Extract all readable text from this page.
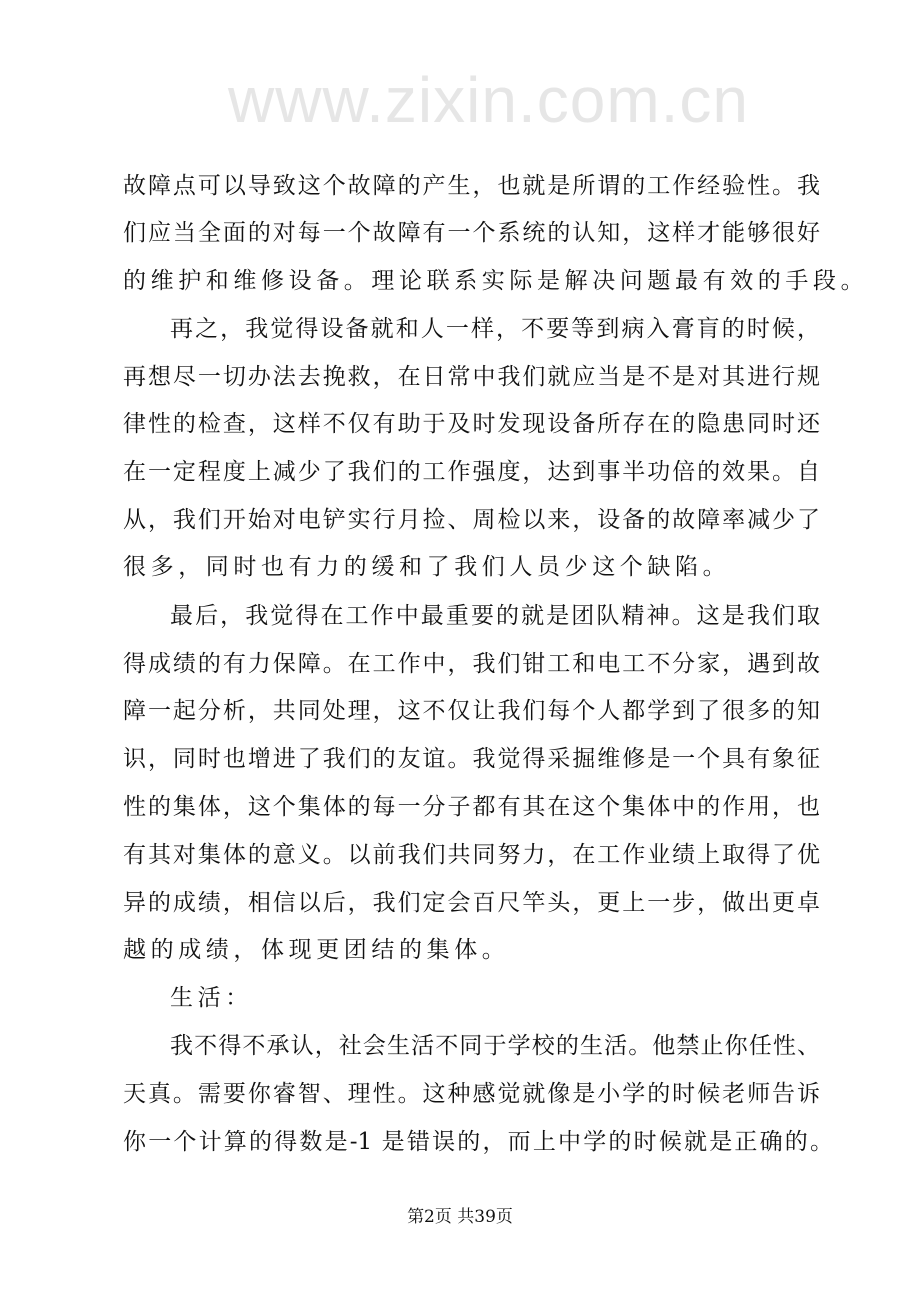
www.zixin.com.cn
故障点可以导致这个故障的产生，也就是所谓的工作经验性。我
们应当全面的对每一个故障有一个系统的认知，这样才能够很好
的维护和维修设备。理论联系实际是解决问题最有效的手段。
再之，我觉得设备就和人一样，不要等到病入膏肓的时候，
再想尽一切办法去挽救，在日常中我们就应当是不是对其进行规
律性的检查，这样不仅有助于及时发现设备所存在的隐患同时还
在一定程度上减少了我们的工作强度，达到事半功倍的效果。自
从，我们开始对电铲实行月捡、周检以来，设备的故障率减少了
很多，同时也有力的缓和了我们人员少这个缺陷。
最后，我觉得在工作中最重要的就是团队精神。这是我们取
得成绩的有力保障。在工作中，我们钳工和电工不分家，遇到故
障一起分析，共同处理，这不仅让我们每个人都学到了很多的知
识，同时也增进了我们的友谊。我觉得采掘维修是一个具有象征
性的集体，这个集体的每一分子都有其在这个集体中的作用，也
有其对集体的意义。以前我们共同努力，在工作业绩上取得了优
异的成绩，相信以后，我们定会百尺竿头，更上一步，做出更卓
越的成绩，体现更团结的集体。
生活：
我不得不承认，社会生活不同于学校的生活。他禁止你任性、
天真。需要你睿智、理性。这种感觉就像是小学的时候老师告诉
你一个计算的得数是-1 是错误的，而上中学的时候就是正确的。
第2页 共39页
